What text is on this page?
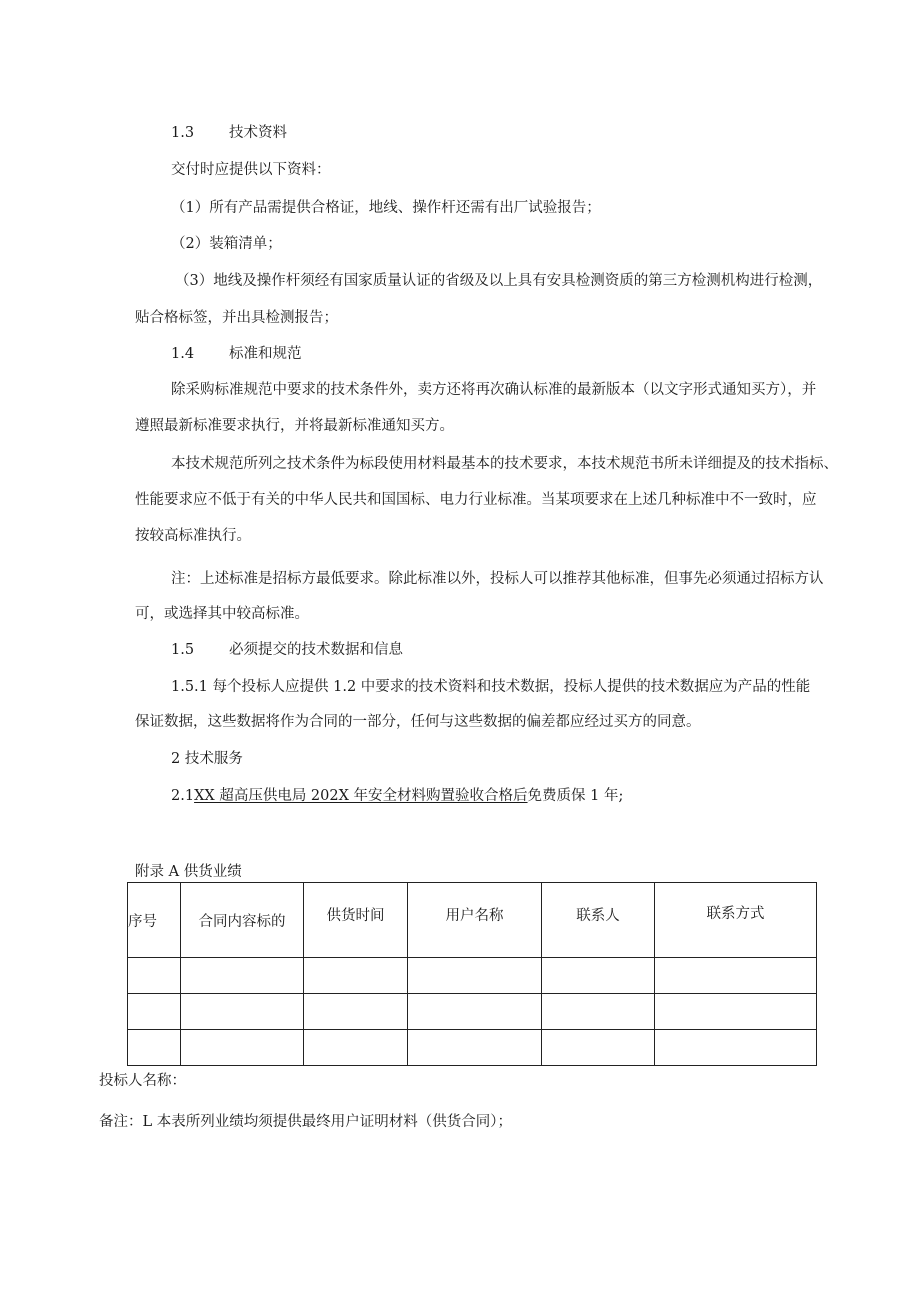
1.3 技术资料
交付时应提供以下资料：
（1）所有产品需提供合格证，地线、操作杆还需有出厂试验报告；
（2）装箱清单；
（3）地线及操作杆须经有国家质量认证的省级及以上具有安具检测资质的第三方检测机构进行检测，
贴合格标签，并出具检测报告；
1.4 标准和规范
除采购标准规范中要求的技术条件外，卖方还将再次确认标准的最新版本（以文字形式通知买方），并
遵照最新标准要求执行，并将最新标准通知买方。
本技术规范所列之技术条件为标段使用材料最基本的技术要求，本技术规范书所未详细提及的技术指标、
性能要求应不低于有关的中华人民共和国国标、电力行业标准。当某项要求在上述几种标准中不一致时，应
按较高标准执行。
注：上述标准是招标方最低要求。除此标准以外，投标人可以推荐其他标准，但事先必须通过招标方认
可，或选择其中较高标准。
1.5 必须提交的技术数据和信息
1.5.1 每个投标人应提供 1.2 中要求的技术资料和技术数据，投标人提供的技术数据应为产品的性能
保证数据，这些数据将作为合同的一部分，任何与这些数据的偏差都应经过买方的同意。
2 技术服务
2.1XX 超高压供电局 202X 年安全材料购置验收合格后免费质保 1 年;
附录 A 供货业绩
序号	合同内容标的	供货时间	用户名称	联系人	联系方式

投标人名称：
备注：L 本表所列业绩均须提供最终用户证明材料（供货合同）；
